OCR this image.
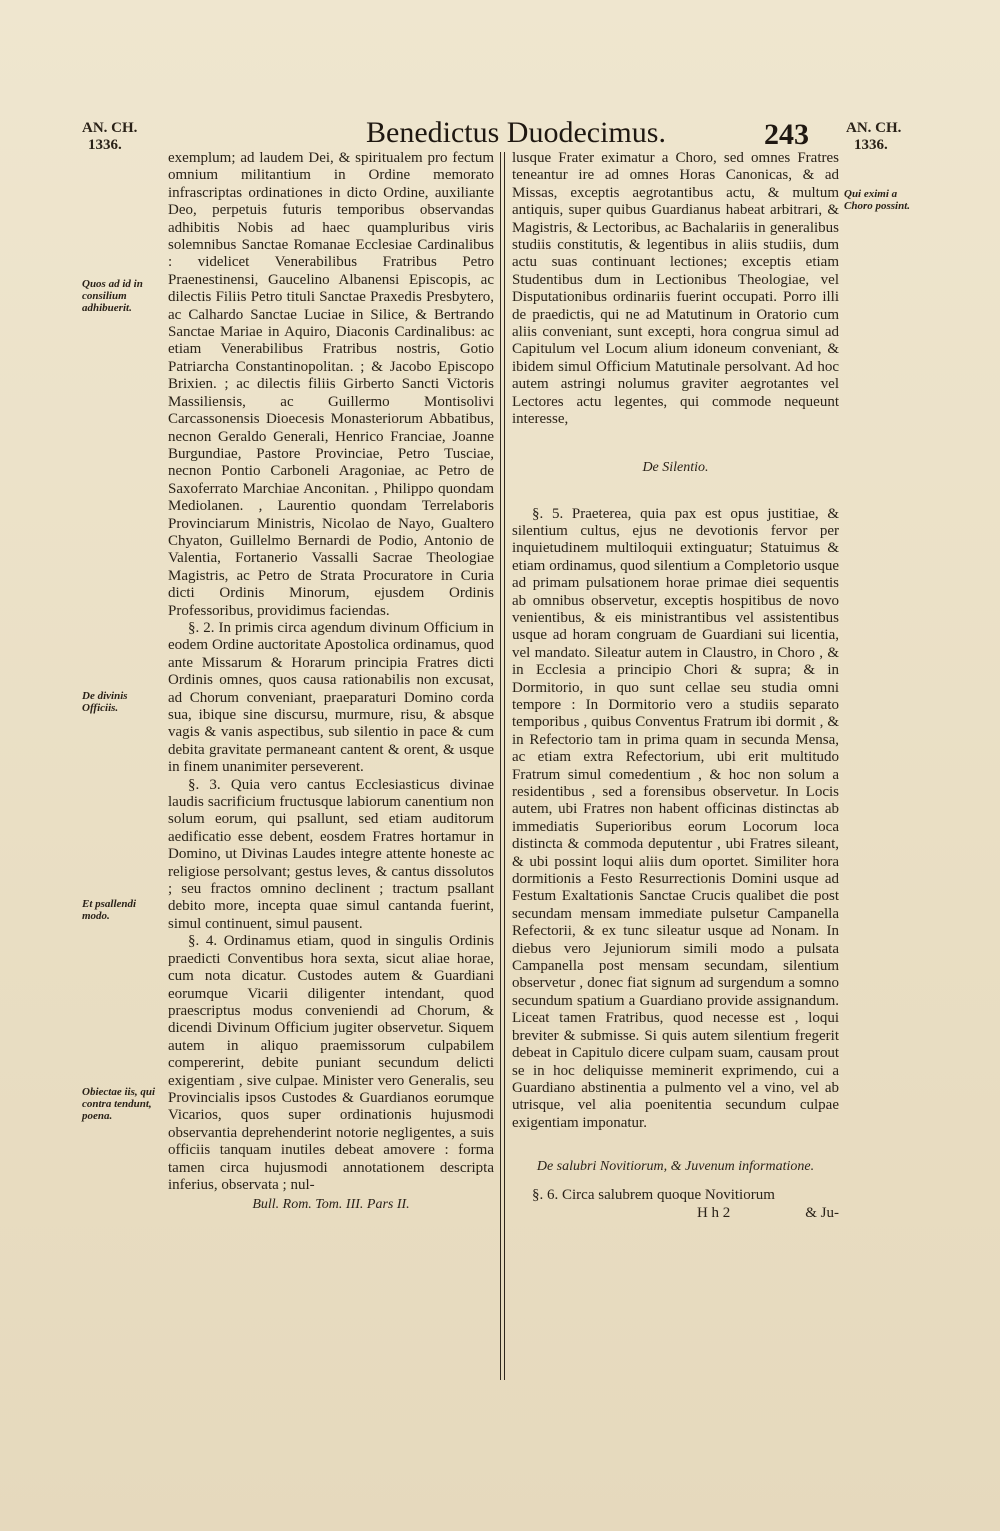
AN. CH.
1336.	Benedictus Duodecimus.	243 AN. CH.
1336.
Quos ad id in consilium adhibuerit.
De divinis Officiis.
Et psallendi modo.
Obiectae iis, qui contra tendunt, poena.
Qui eximi a Choro possint.

exemplum; ad laudem Dei, & spiritualem pro fectum omnium militantium in Ordine memorato infrascriptas ordinationes in dicto Ordine, auxiliante Deo, perpetuis futuris temporibus observandas adhibitis Nobis ad haec quampluribus viris solemnibus Sanctae Romanae Ecclesiae Cardinalibus : videlicet Venerabilibus Fratribus Petro Praenestinensi, Gaucelino Albanensi Episcopis, ac dilectis Filiis Petro tituli Sanctae Praxedis Presbytero, ac Calhardo Sanctae Luciae in Silice, & Bertrando Sanctae Mariae in Aquiro, Diaconis Cardinalibus: ac etiam Venerabilibus Fratribus nostris, Gotio Patriarcha Constantinopolitan. ; & Jacobo Episcopo Brixien. ; ac dilectis filiis Girberto Sancti Victoris Massiliensis, ac Guillermo Montisolivi Carcassonensis Dioecesis Monasteriorum Abbatibus, necnon Geraldo Generali, Henrico Franciae, Joanne Burgundiae, Pastore Provinciae, Petro Tusciae, necnon Pontio Carboneli Aragoniae, ac Petro de Saxoferrato Marchiae Anconitan. , Philippo quondam Mediolanen. , Laurentio quondam Terrelaboris Provinciarum Ministris, Nicolao de Nayo, Gualtero Chyaton, Guillelmo Bernardi de Podio, Antonio de Valentia, Fortanerio Vassalli Sacrae Theologiae Magistris, ac Petro de Strata Procuratore in Curia dicti Ordinis Minorum, ejusdem Ordinis Professoribus, providimus faciendas.

§. 2. In primis circa agendum divinum Officium in eodem Ordine auctoritate Apostolica ordinamus, quod ante Missarum & Horarum principia Fratres dicti Ordinis omnes, quos causa rationabilis non excusat, ad Chorum conveniant, praeparaturi Domino corda sua, ibique sine discursu, murmure, risu, & absque vagis & vanis aspectibus, sub silentio in pace & cum debita gravitate permaneant cantent & orent, & usque in finem unanimiter perseverent.

§. 3. Quia vero cantus Ecclesiasticus divinae laudis sacrificium fructusque labiorum canentium non solum eorum, qui psallunt, sed etiam auditorum aedificatio esse debent, eosdem Fratres hortamur in Domino, ut Divinas Laudes integre attente honeste ac religiose persolvant; gestus leves, & cantus dissolutos ; seu fractos omnino declinent ; tractum psallant debito more, incepta quae simul cantanda fuerint, simul continuent, simul pausent.

§. 4. Ordinamus etiam, quod in singulis Ordinis praedicti Conventibus hora sexta, sicut aliae horae, cum nota dicatur. Custodes autem & Guardiani eorumque Vicarii diligenter intendant, quod praescriptus modus conveniendi ad Chorum, & dicendi Divinum Officium jugiter observetur. Siquem autem in aliquo praemissorum culpabilem compererint, debite puniant secundum delicti exigentiam , sive culpae. Minister vero Generalis, seu Provincialis ipsos Custodes & Guardianos eorumque Vicarios, quos super ordinationis hujusmodi observantia deprehenderint notorie negligentes, a suis officiis tanquam inutiles debeat amovere : forma tamen circa hujusmodi annotationem descripta inferius, observata ; nul-

Bull. Rom. Tom. III. Pars II.

lusque Frater eximatur a Choro, sed omnes Fratres teneantur ire ad omnes Horas Canonicas, & ad Missas, exceptis aegrotantibus actu, & multum antiquis, super quibus Guardianus habeat arbitrari, & Magistris, & Lectoribus, ac Bachalariis in generalibus studiis constitutis, & legentibus in aliis studiis, dum actu suas continuant lectiones; exceptis etiam Studentibus dum in Lectionibus Theologiae, vel Disputationibus ordinariis fuerint occupati. Porro illi de praedictis, qui ne ad Matutinum in Oratorio cum aliis conveniant, sunt excepti, hora congrua simul ad Capitulum vel Locum alium idoneum conveniant, & ibidem simul Officium Matutinale persolvant. Ad hoc autem astringi nolumus graviter aegrotantes vel Lectores actu legentes, qui commode nequeunt interesse,

De Silentio.

§. 5. Praeterea, quia pax est opus justitiae, & silentium cultus, ejus ne devotionis fervor per inquietudinem multiloquii extinguatur; Statuimus & etiam ordinamus, quod silentium a Completorio usque ad primam pulsationem horae primae diei sequentis ab omnibus observetur, exceptis hospitibus de novo venientibus, & eis ministrantibus vel assistentibus usque ad horam congruam de Guardiani sui licentia, vel mandato. Sileatur autem in Claustro, in Choro , & in Ecclesia a principio Chori & supra; & in Dormitorio, in quo sunt cellae seu studia omni tempore : In Dormitorio vero a studiis separato temporibus , quibus Conventus Fratrum ibi dormit , & in Refectorio tam in prima quam in secunda Mensa, ac etiam extra Refectorium, ubi erit multitudo Fratrum simul comedentium , & hoc non solum a residentibus , sed a forensibus observetur. In Locis autem, ubi Fratres non habent officinas distinctas ab immediatis Superioribus eorum Locorum loca distincta & commoda deputentur , ubi Fratres sileant, & ubi possint loqui aliis dum oportet. Similiter hora dormitionis a Festo Resurrectionis Domini usque ad Festum Exaltationis Sanctae Crucis qualibet die post secundam mensam immediate pulsetur Campanella Refectorii, & ex tunc sileatur usque ad Nonam. In diebus vero Jejuniorum simili modo a pulsata Campanella post mensam secundam, silentium observetur , donec fiat signum ad surgendum a somno secundum spatium a Guardiano provide assignandum. Liceat tamen Fratribus, quod necesse est , loqui breviter & submisse. Si quis autem silentium fregerit debeat in Capitulo dicere culpam suam, causam prout se in hoc deliquisse meminerit exprimendo, cui a Guardiano abstinentia a pulmento vel a vino, vel ab utrisque, vel alia poenitentia secundum culpae exigentiam imponatur.

De salubri Novitiorum, & Juvenum informatione.

§. 6. Circa salubrem quoque Novitiorum

H h 2	& Ju-
